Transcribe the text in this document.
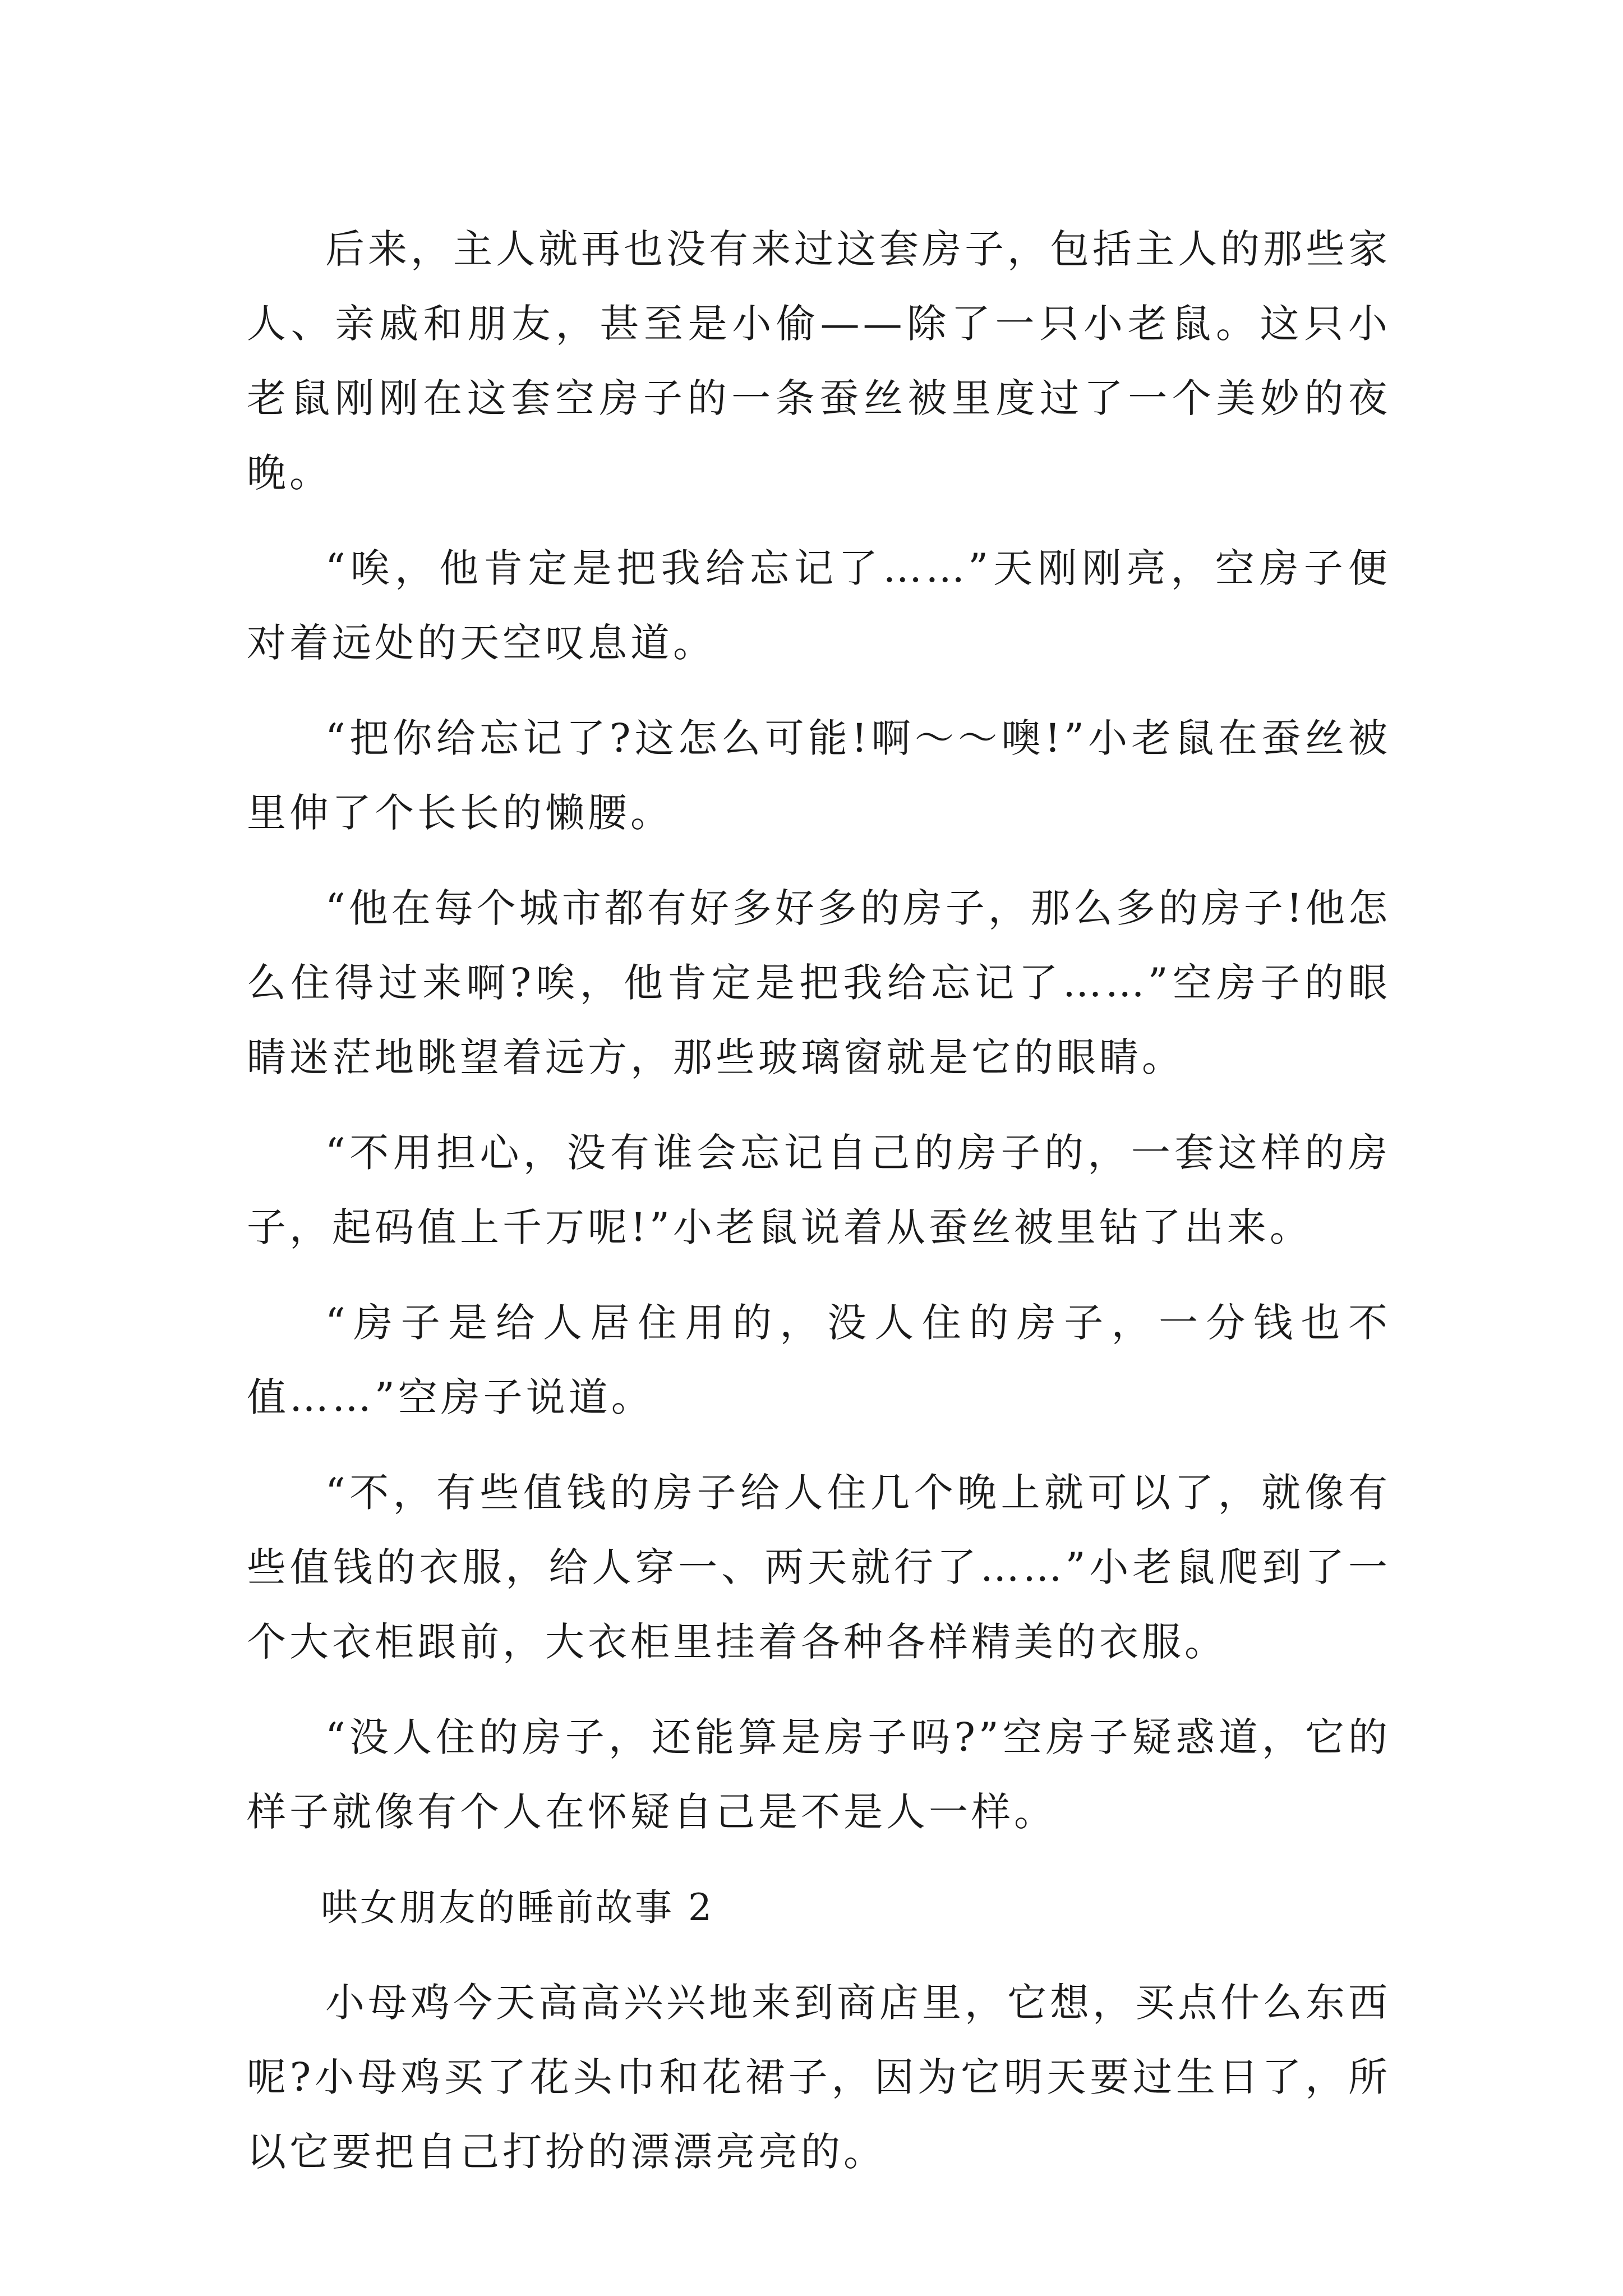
后来，主人就再也没有来过这套房子，包括主人的那些家人、亲戚和朋友，甚至是小偷——除了一只小老鼠。这只小老鼠刚刚在这套空房子的一条蚕丝被里度过了一个美妙的夜晚。

“唉，他肯定是把我给忘记了……”天刚刚亮，空房子便对着远处的天空叹息道。

“把你给忘记了?这怎么可能!啊～～噢!”小老鼠在蚕丝被里伸了个长长的懒腰。

“他在每个城市都有好多好多的房子，那么多的房子!他怎么住得过来啊?唉，他肯定是把我给忘记了……”空房子的眼睛迷茫地眺望着远方，那些玻璃窗就是它的眼睛。

“不用担心，没有谁会忘记自己的房子的，一套这样的房子，起码值上千万呢!”小老鼠说着从蚕丝被里钻了出来。

“房子是给人居住用的，没人住的房子，一分钱也不值……”空房子说道。

“不，有些值钱的房子给人住几个晚上就可以了，就像有些值钱的衣服，给人穿一、两天就行了……”小老鼠爬到了一个大衣柜跟前，大衣柜里挂着各种各样精美的衣服。

“没人住的房子，还能算是房子吗?”空房子疑惑道，它的样子就像有个人在怀疑自己是不是人一样。

哄女朋友的睡前故事 2

小母鸡今天高高兴兴地来到商店里，它想，买点什么东西呢?小母鸡买了花头巾和花裙子，因为它明天要过生日了，所以它要把自己打扮的漂漂亮亮的。
